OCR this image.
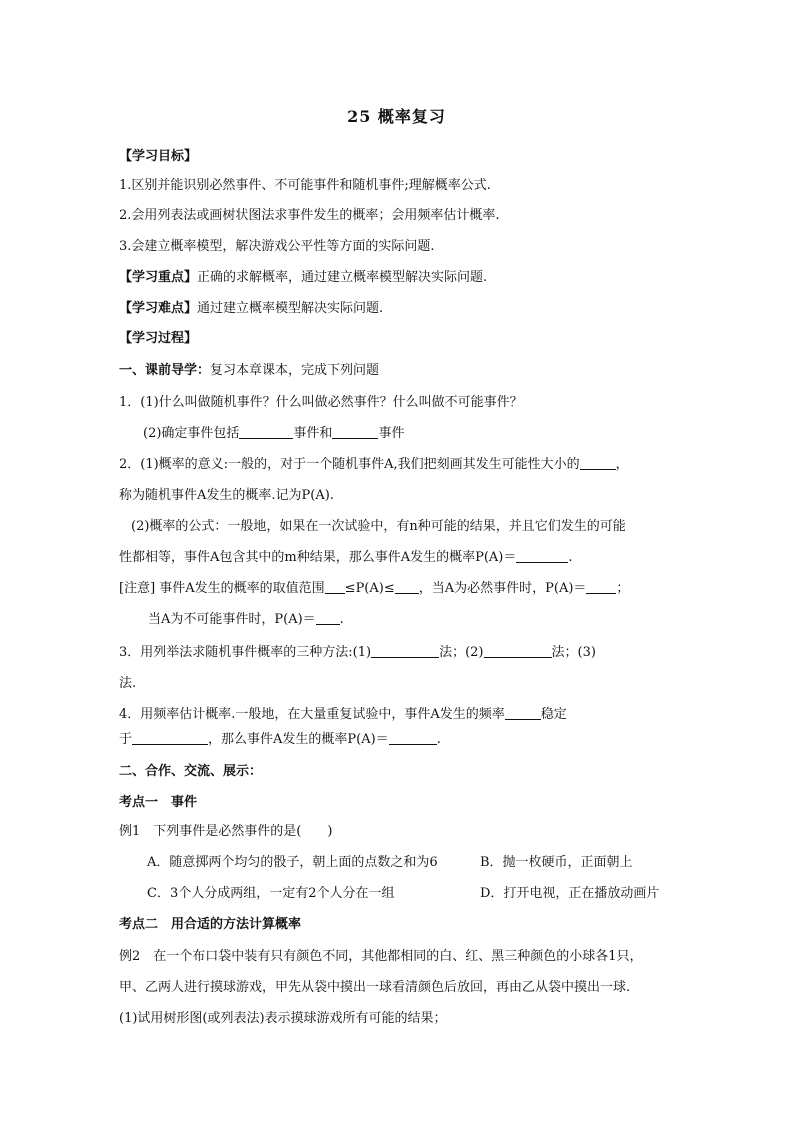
25 概率复习
【学习目标】
1.区别并能识别必然事件、不可能事件和随机事件;理解概率公式.
2.会用列表法或画树状图法求事件发生的概率；会用频率估计概率.
3.会建立概率模型，解决游戏公平性等方面的实际问题.
【学习重点】正确的求解概率，通过建立概率模型解决实际问题.
【学习难点】通过建立概率模型解决实际问题.
【学习过程】
一、课前导学：复习本章课本，完成下列问题
1．(1)什么叫做随机事件？什么叫做必然事件？什么叫做不可能事件？
(2)确定事件包括	事件和	事件
2．(1)概率的意义:一般的，对于一个随机事件A,我们把刻画其发生可能性大小的	，
称为随机事件A发生的概率.记为P(A).
(2)概率的公式：一般地，如果在一次试验中，有n种可能的结果，并且它们发生的可能
性都相等，事件A包含其中的m种结果，那么事件A发生的概率P(A)＝	.
[注意] 事件A发生的概率的取值范围 ≤P(A)≤ ，当A为必然事件时，P(A)＝ ；
当A为不可能事件时，P(A)＝ .
3．用列举法求随机事件概率的三种方法:(1)	法；(2)	法；(3)
法.
4．用频率估计概率.一般地，在大量重复试验中，事件A发生的频率	稳定
于	，那么事件A发生的概率P(A)＝	.
二、合作、交流、展示：
考点一　事件
例1　下列事件是必然事件的是(　　)
A．随意掷两个均匀的骰子，朝上面的点数之和为6	B．抛一枚硬币，正面朝上
C．3个人分成两组，一定有2个人分在一组	D．打开电视，正在播放动画片
考点二　用合适的方法计算概率
例2　在一个布口袋中装有只有颜色不同，其他都相同的白、红、黑三种颜色的小球各1只，
甲、乙两人进行摸球游戏，甲先从袋中摸出一球看清颜色后放回，再由乙从袋中摸出一球.
(1)试用树形图(或列表法)表示摸球游戏所有可能的结果；
